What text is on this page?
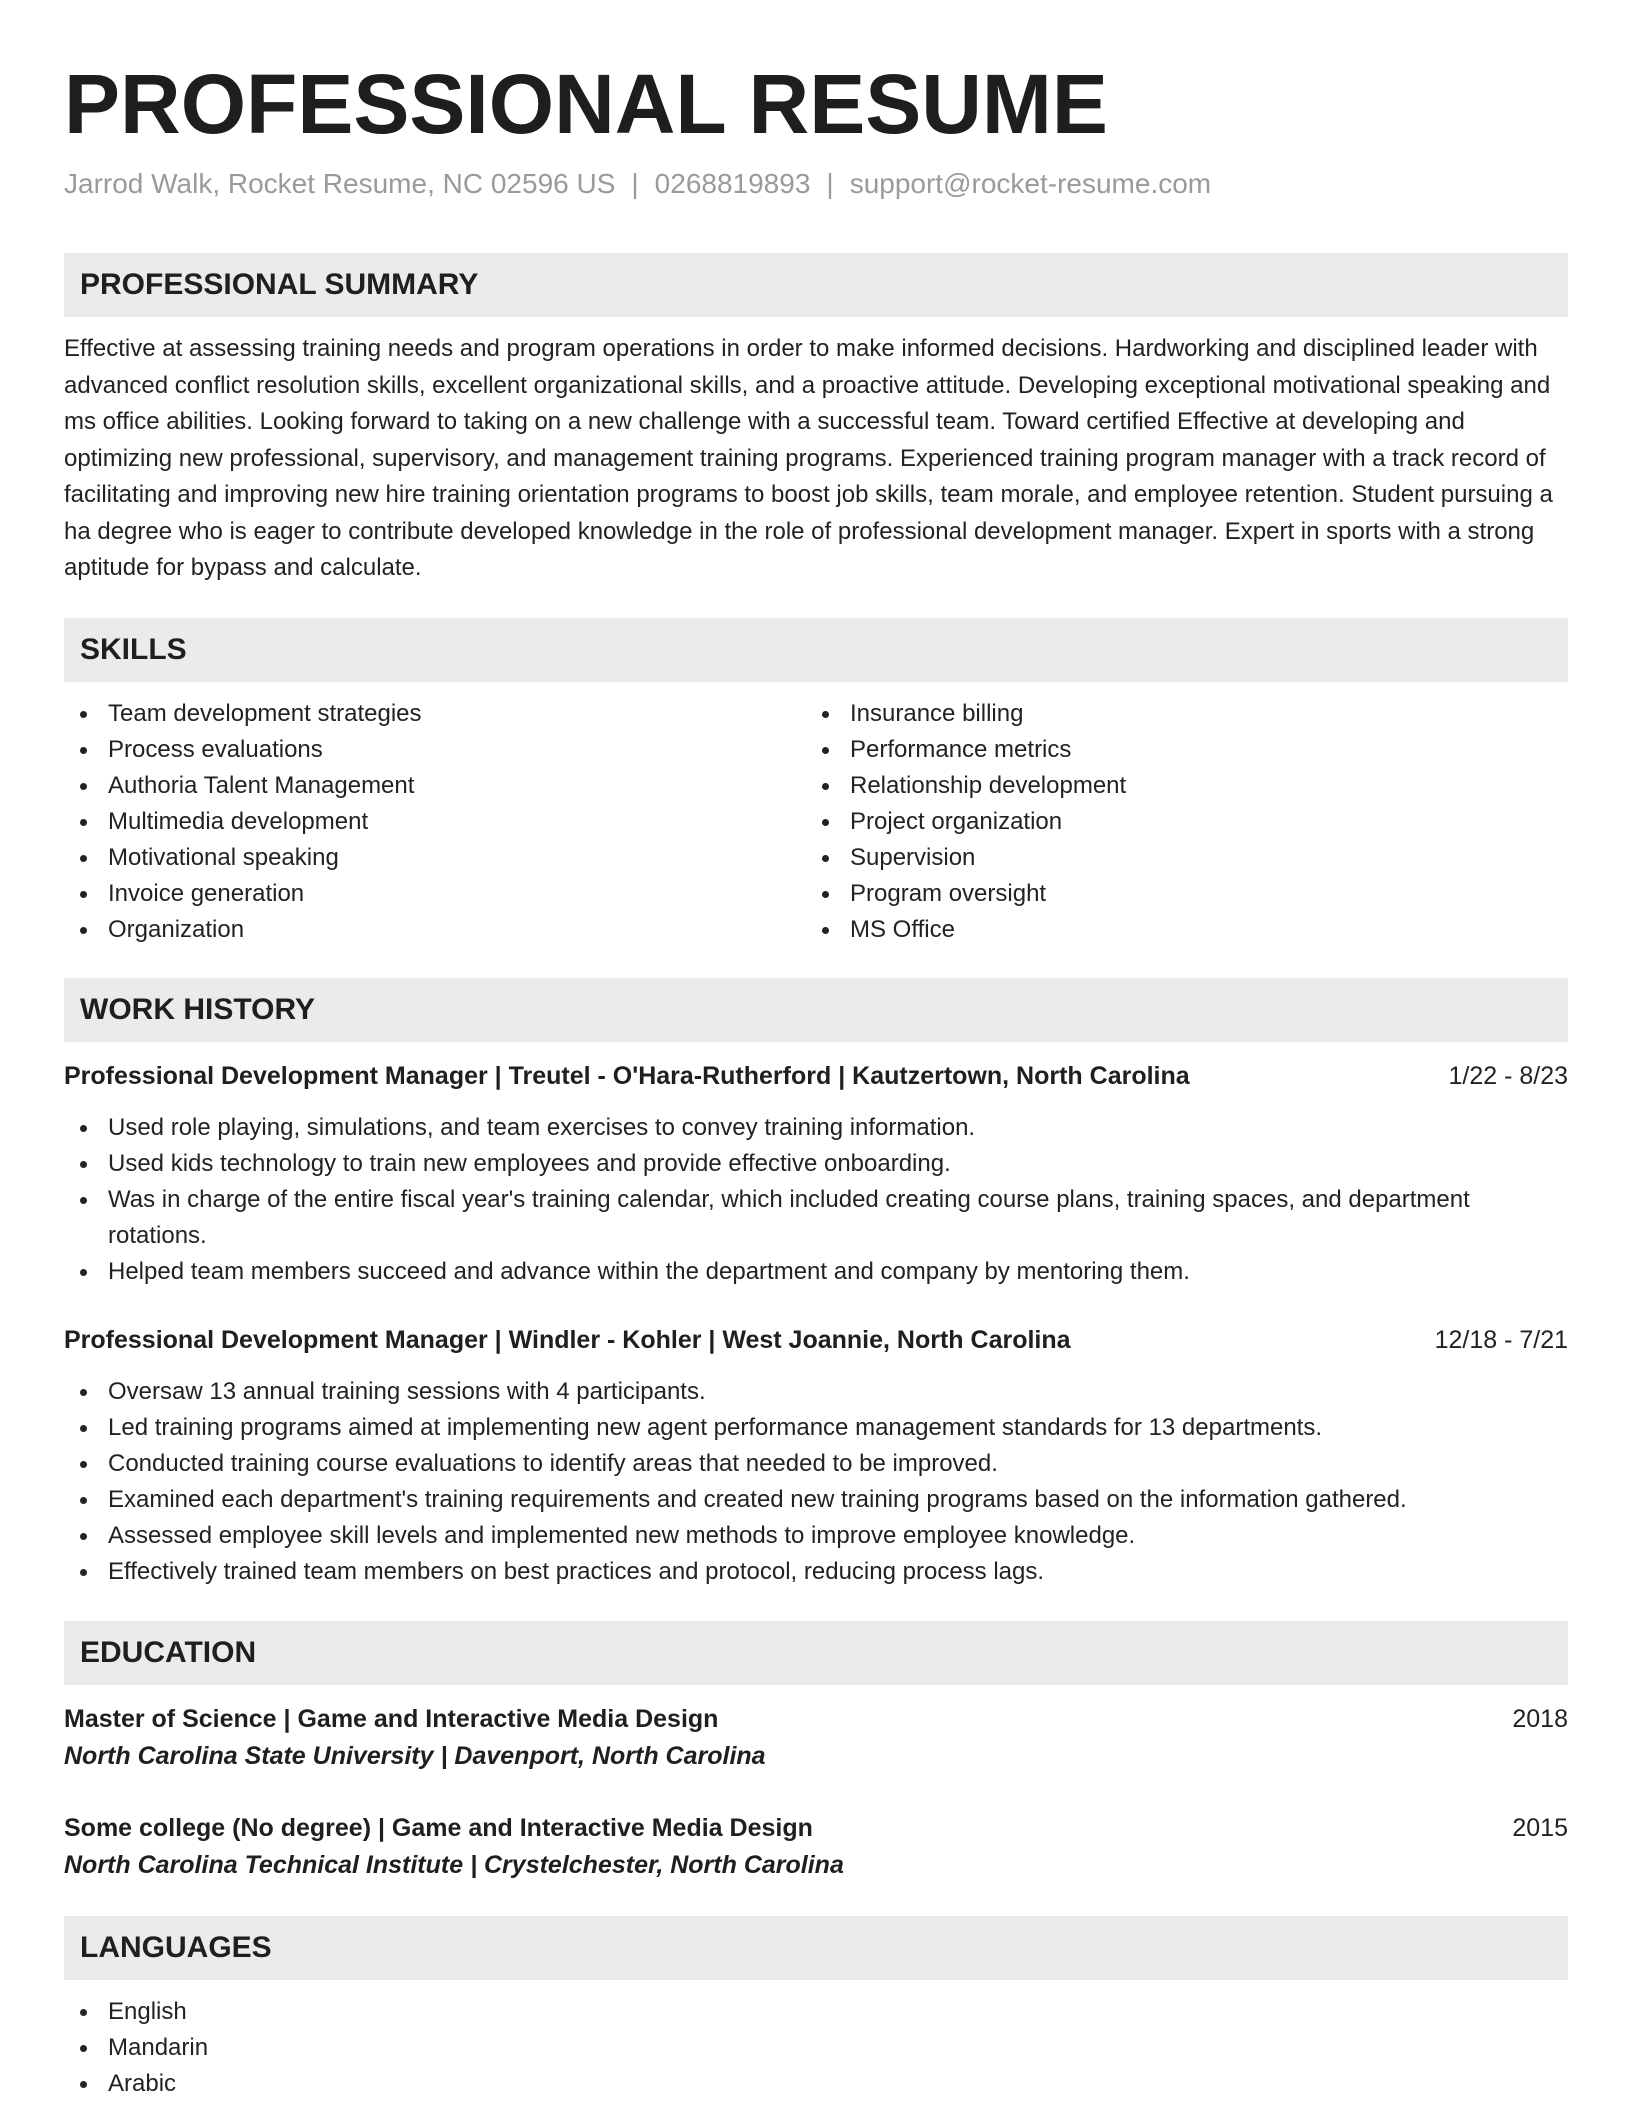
PROFESSIONAL RESUME
Jarrod Walk, Rocket Resume, NC 02596 US | 0268819893 | support@rocket-resume.com
PROFESSIONAL SUMMARY

Effective at assessing training needs and program operations in order to make informed decisions. Hardworking and disciplined leader with advanced conflict resolution skills, excellent organizational skills, and a proactive attitude. Developing exceptional motivational speaking and ms office abilities. Looking forward to taking on a new challenge with a successful team. Toward certified Effective at developing and optimizing new professional, supervisory, and management training programs. Experienced training program manager with a track record of facilitating and improving new hire training orientation programs to boost job skills, team morale, and employee retention. Student pursuing a ha degree who is eager to contribute developed knowledge in the role of professional development manager. Expert in sports with a strong aptitude for bypass and calculate.

SKILLS
Team development strategies
Process evaluations
Authoria Talent Management
Multimedia development
Motivational speaking
Invoice generation
Organization
Insurance billing
Performance metrics
Relationship development
Project organization
Supervision
Program oversight
MS Office
WORK HISTORY
Professional Development Manager | Treutel - O'Hara-Rutherford | Kautzertown, North Carolina	1/22 - 8/23
Used role playing, simulations, and team exercises to convey training information.
Used kids technology to train new employees and provide effective onboarding.
Was in charge of the entire fiscal year's training calendar, which included creating course plans, training spaces, and department rotations.
Helped team members succeed and advance within the department and company by mentoring them.
Professional Development Manager | Windler - Kohler | West Joannie, North Carolina	12/18 - 7/21
Oversaw 13 annual training sessions with 4 participants.
Led training programs aimed at implementing new agent performance management standards for 13 departments.
Conducted training course evaluations to identify areas that needed to be improved.
Examined each department's training requirements and created new training programs based on the information gathered.
Assessed employee skill levels and implemented new methods to improve employee knowledge.
Effectively trained team members on best practices and protocol, reducing process lags.
EDUCATION
Master of Science | Game and Interactive Media Design	2018
North Carolina State University | Davenport, North Carolina
Some college (No degree) | Game and Interactive Media Design	2015
North Carolina Technical Institute | Crystelchester, North Carolina
LANGUAGES
English
Mandarin
Arabic
